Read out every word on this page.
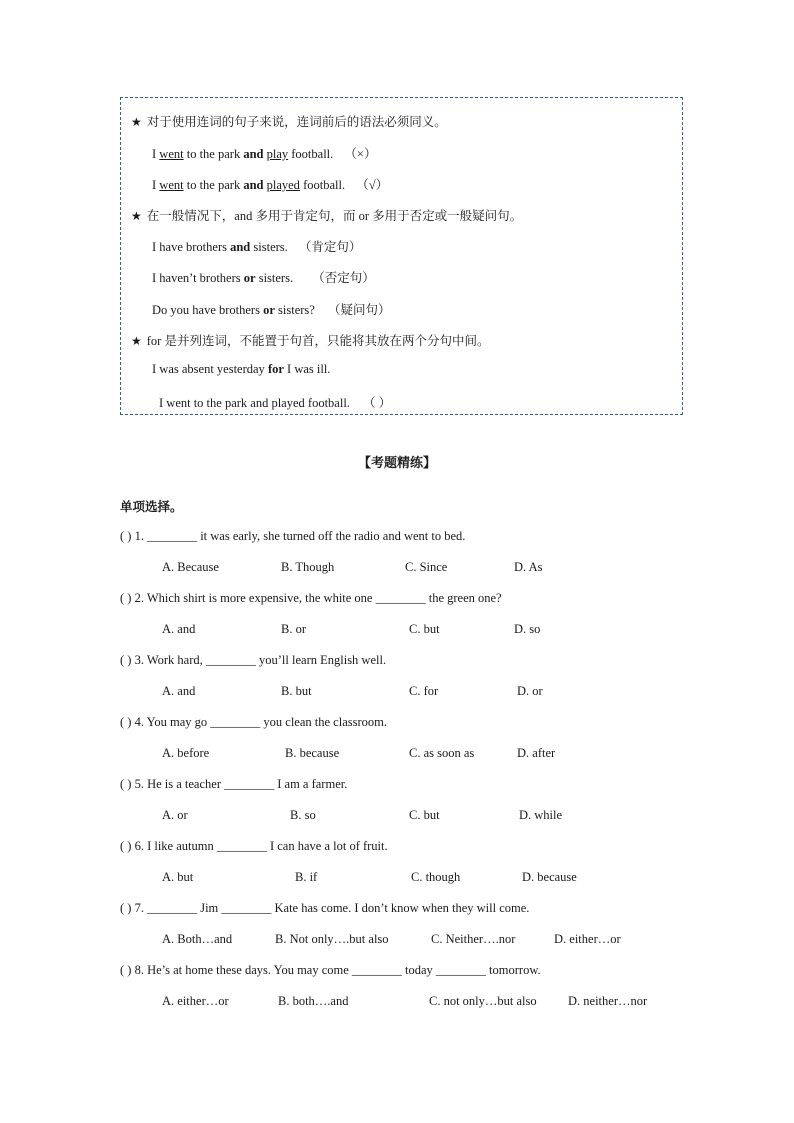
★ 对于使用连词的句子来说，连词前后的语法必须同义。
I went to the park and play football. （×）
I went to the park and played football. （√）
★ 在一般情况下，and 多用于肯定句，而 or 多用于否定或一般疑问句。
I have brothers and sisters. （肯定句）
I haven’t brothers or sisters. （否定句）
Do you have brothers or sisters? （疑问句）
★ for 是并列连词，不能置于句首，只能将其放在两个分句中间。
I was absent yesterday for I was ill.
I went to the park and played football. （ ）
【考题精练】
单项选择。
( ) 1. ________ it was early, she turned off the radio and went to bed.
A. Because	B. Though	C. Since	D. As
( ) 2. Which shirt is more expensive, the white one ________ the green one?
A. and	B. or	C. but	D. so
( ) 3. Work hard, ________ you’ll learn English well.
A. and	B. but	C. for	D. or
( ) 4. You may go ________ you clean the classroom.
A. before	B. because	C. as soon as	D. after
( ) 5. He is a teacher ________ I am a farmer.
A. or	B. so	C. but	D. while
( ) 6. I like autumn ________ I can have a lot of fruit.
A. but	B. if	C. though	D. because
( ) 7. ________ Jim ________ Kate has come. I don’t know when they will come.
A. Both…and	B. Not only….but also	C. Neither….nor	D. either…or
( ) 8. He’s at home these days. You may come ________ today ________ tomorrow.
A. either…or	B. both….and	C. not only…but also	D. neither…nor
